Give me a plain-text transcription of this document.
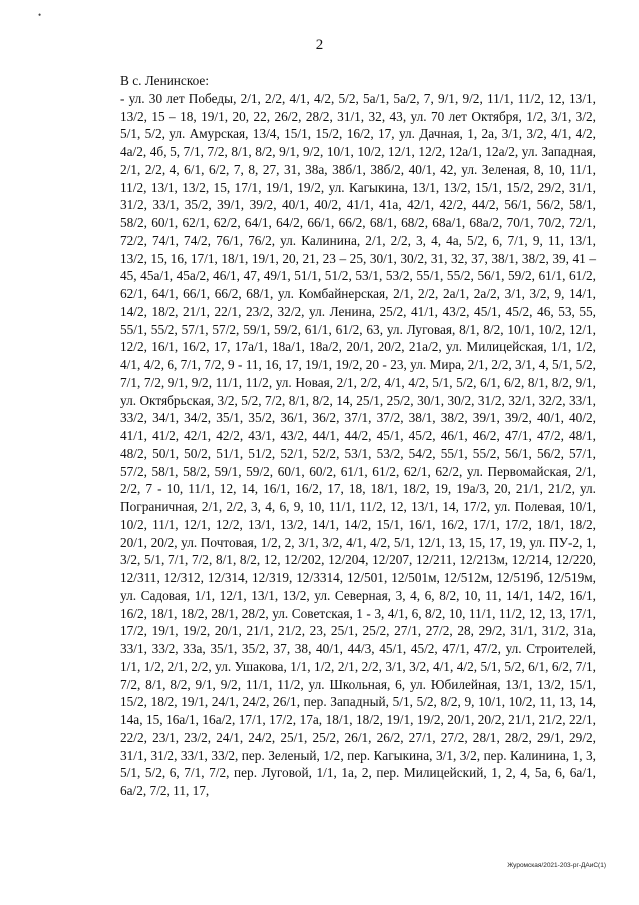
•
2
В с. Ленинское:

- ул. 30 лет Победы, 2/1, 2/2, 4/1, 4/2, 5/2, 5а/1, 5а/2, 7, 9/1, 9/2, 11/1, 11/2, 12, 13/1, 13/2, 15 – 18, 19/1, 20, 22, 26/2, 28/2, 31/1, 32, 43, ул. 70 лет Октября, 1/2, 3/1, 3/2, 5/1, 5/2, ул. Амурская, 13/4, 15/1, 15/2, 16/2, 17, ул. Дачная, 1, 2а, 3/1, 3/2, 4/1, 4/2, 4а/2, 4б, 5, 7/1, 7/2, 8/1, 8/2, 9/1, 9/2, 10/1, 10/2, 12/1, 12/2, 12а/1, 12а/2, ул. Западная, 2/1, 2/2, 4, 6/1, 6/2, 7, 8, 27, 31, 38а, 38б/1, 38б/2, 40/1, 42, ул. Зеленая, 8, 10, 11/1, 11/2, 13/1, 13/2, 15, 17/1, 19/1, 19/2, ул. Кагыкина, 13/1, 13/2, 15/1, 15/2, 29/2, 31/1, 31/2, 33/1, 35/2, 39/1, 39/2, 40/1, 40/2, 41/1, 41а, 42/1, 42/2, 44/2, 56/1, 56/2, 58/1, 58/2, 60/1, 62/1, 62/2, 64/1, 64/2, 66/1, 66/2, 68/1, 68/2, 68а/1, 68а/2, 70/1, 70/2, 72/1, 72/2, 74/1, 74/2, 76/1, 76/2, ул. Калинина, 2/1, 2/2, 3, 4, 4а, 5/2, 6, 7/1, 9, 11, 13/1, 13/2, 15, 16, 17/1, 18/1, 19/1, 20, 21, 23 – 25, 30/1, 30/2, 31, 32, 37, 38/1, 38/2, 39, 41 – 45, 45а/1, 45а/2, 46/1, 47, 49/1, 51/1, 51/2, 53/1, 53/2, 55/1, 55/2, 56/1, 59/2, 61/1, 61/2, 62/1, 64/1, 66/1, 66/2, 68/1, ул. Комбайнерская, 2/1, 2/2, 2а/1, 2а/2, 3/1, 3/2, 9, 14/1, 14/2, 18/2, 21/1, 22/1, 23/2, 32/2, ул. Ленина, 25/2, 41/1, 43/2, 45/1, 45/2, 46, 53, 55, 55/1, 55/2, 57/1, 57/2, 59/1, 59/2, 61/1, 61/2, 63, ул. Луговая, 8/1, 8/2, 10/1, 10/2, 12/1, 12/2, 16/1, 16/2, 17, 17а/1, 18а/1, 18а/2, 20/1, 20/2, 21а/2, ул. Милицейская, 1/1, 1/2, 4/1, 4/2, 6, 7/1, 7/2, 9 - 11, 16, 17, 19/1, 19/2, 20 - 23, ул. Мира, 2/1, 2/2, 3/1, 4, 5/1, 5/2, 7/1, 7/2, 9/1, 9/2, 11/1, 11/2, ул. Новая, 2/1, 2/2, 4/1, 4/2, 5/1, 5/2, 6/1, 6/2, 8/1, 8/2, 9/1, ул. Октябрьская, 3/2, 5/2, 7/2, 8/1, 8/2, 14, 25/1, 25/2, 30/1, 30/2, 31/2, 32/1, 32/2, 33/1, 33/2, 34/1, 34/2, 35/1, 35/2, 36/1, 36/2, 37/1, 37/2, 38/1, 38/2, 39/1, 39/2, 40/1, 40/2, 41/1, 41/2, 42/1, 42/2, 43/1, 43/2, 44/1, 44/2, 45/1, 45/2, 46/1, 46/2, 47/1, 47/2, 48/1, 48/2, 50/1, 50/2, 51/1, 51/2, 52/1, 52/2, 53/1, 53/2, 54/2, 55/1, 55/2, 56/1, 56/2, 57/1, 57/2, 58/1, 58/2, 59/1, 59/2, 60/1, 60/2, 61/1, 61/2, 62/1, 62/2, ул. Первомайская, 2/1, 2/2, 7 - 10, 11/1, 12, 14, 16/1, 16/2, 17, 18, 18/1, 18/2, 19, 19а/3, 20, 21/1, 21/2, ул. Пограничная, 2/1, 2/2, 3, 4, 6, 9, 10, 11/1, 11/2, 12, 13/1, 14, 17/2, ул. Полевая, 10/1, 10/2, 11/1, 12/1, 12/2, 13/1, 13/2, 14/1, 14/2, 15/1, 16/1, 16/2, 17/1, 17/2, 18/1, 18/2, 20/1, 20/2, ул. Почтовая, 1/2, 2, 3/1, 3/2, 4/1, 4/2, 5/1, 12/1, 13, 15, 17, 19, ул. ПУ-2, 1, 3/2, 5/1, 7/1, 7/2, 8/1, 8/2, 12, 12/202, 12/204, 12/207, 12/211, 12/213м, 12/214, 12/220, 12/311, 12/312, 12/314, 12/319, 12/3314, 12/501, 12/501м, 12/512м, 12/519б, 12/519м, ул. Садовая, 1/1, 12/1, 13/1, 13/2, ул. Северная, 3, 4, 6, 8/2, 10, 11, 14/1, 14/2, 16/1, 16/2, 18/1, 18/2, 28/1, 28/2, ул. Советская, 1 - 3, 4/1, 6, 8/2, 10, 11/1, 11/2, 12, 13, 17/1, 17/2, 19/1, 19/2, 20/1, 21/1, 21/2, 23, 25/1, 25/2, 27/1, 27/2, 28, 29/2, 31/1, 31/2, 31а, 33/1, 33/2, 33а, 35/1, 35/2, 37, 38, 40/1, 44/3, 45/1, 45/2, 47/1, 47/2, ул. Строителей, 1/1, 1/2, 2/1, 2/2, ул. Ушакова, 1/1, 1/2, 2/1, 2/2, 3/1, 3/2, 4/1, 4/2, 5/1, 5/2, 6/1, 6/2, 7/1, 7/2, 8/1, 8/2, 9/1, 9/2, 11/1, 11/2, ул. Школьная, 6, ул. Юбилейная, 13/1, 13/2, 15/1, 15/2, 18/2, 19/1, 24/1, 24/2, 26/1, пер. Западный, 5/1, 5/2, 8/2, 9, 10/1, 10/2, 11, 13, 14, 14а, 15, 16а/1, 16а/2, 17/1, 17/2, 17а, 18/1, 18/2, 19/1, 19/2, 20/1, 20/2, 21/1, 21/2, 22/1, 22/2, 23/1, 23/2, 24/1, 24/2, 25/1, 25/2, 26/1, 26/2, 27/1, 27/2, 28/1, 28/2, 29/1, 29/2, 31/1, 31/2, 33/1, 33/2, пер. Зеленый, 1/2, пер. Кагыкина, 3/1, 3/2, пер. Калинина, 1, 3, 5/1, 5/2, 6, 7/1, 7/2, пер. Луговой, 1/1, 1а, 2, пер. Милицейский, 1, 2, 4, 5а, 6, 6а/1, 6а/2, 7/2, 11, 17,

Журомская/2021-203-рг-ДАиС(1)
